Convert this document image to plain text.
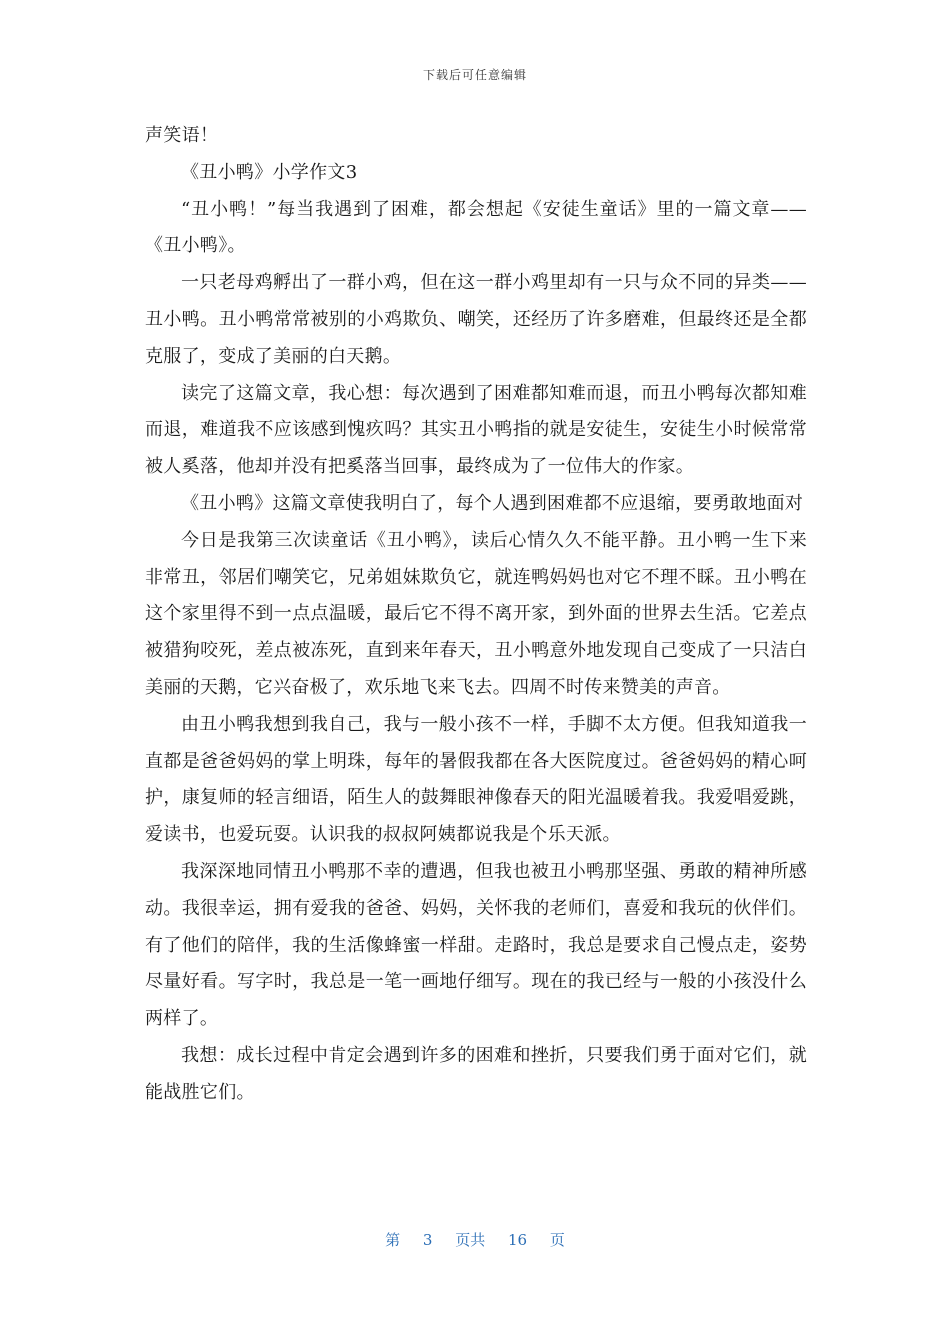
下载后可任意编辑

声笑语！

《丑小鸭》小学作文3

“丑小鸭！”每当我遇到了困难，都会想起《安徒生童话》里的一篇文章——《丑小鸭》。

一只老母鸡孵出了一群小鸡，但在这一群小鸡里却有一只与众不同的异类——丑小鸭。丑小鸭常常被别的小鸡欺负、嘲笑，还经历了许多磨难，但最终还是全都克服了，变成了美丽的白天鹅。

读完了这篇文章，我心想：每次遇到了困难都知难而退，而丑小鸭每次都知难而退，难道我不应该感到愧疚吗？其实丑小鸭指的就是安徒生，安徒生小时候常常被人奚落，他却并没有把奚落当回事，最终成为了一位伟大的作家。

《丑小鸭》这篇文章使我明白了，每个人遇到困难都不应退缩，要勇敢地面对

今日是我第三次读童话《丑小鸭》，读后心情久久不能平静。丑小鸭一生下来非常丑，邻居们嘲笑它，兄弟姐妹欺负它，就连鸭妈妈也对它不理不睬。丑小鸭在这个家里得不到一点点温暖，最后它不得不离开家，到外面的世界去生活。它差点被猎狗咬死，差点被冻死，直到来年春天，丑小鸭意外地发现自己变成了一只洁白美丽的天鹅，它兴奋极了，欢乐地飞来飞去。四周不时传来赞美的声音。

由丑小鸭我想到我自己，我与一般小孩不一样，手脚不太方便。但我知道我一直都是爸爸妈妈的掌上明珠，每年的暑假我都在各大医院度过。爸爸妈妈的精心呵护，康复师的轻言细语，陌生人的鼓舞眼神像春天的阳光温暖着我。我爱唱爱跳，爱读书，也爱玩耍。认识我的叔叔阿姨都说我是个乐天派。

我深深地同情丑小鸭那不幸的遭遇，但我也被丑小鸭那坚强、勇敢的精神所感动。我很幸运，拥有爱我的爸爸、妈妈，关怀我的老师们，喜爱和我玩的伙伴们。有了他们的陪伴，我的生活像蜂蜜一样甜。走路时，我总是要求自己慢点走，姿势尽量好看。写字时，我总是一笔一画地仔细写。现在的我已经与一般的小孩没什么两样了。

我想：成长过程中肯定会遇到许多的困难和挫折，只要我们勇于面对它们，就能战胜它们。

第 3 页共 16 页
